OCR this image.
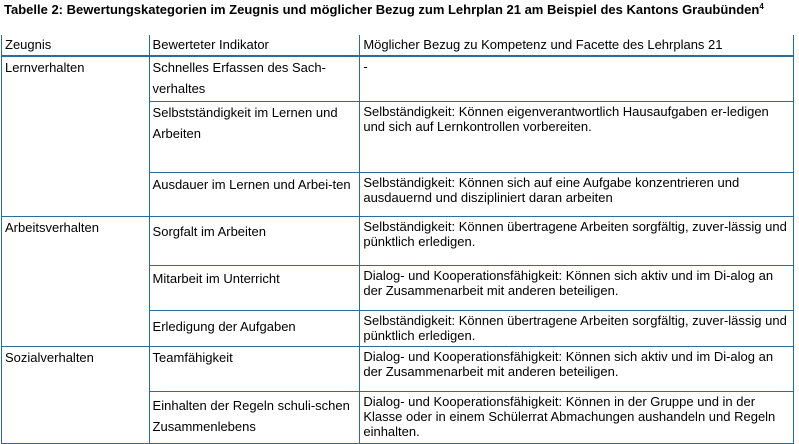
Tabelle 2: Bewertungskategorien im Zeugnis und möglicher Bezug zum Lehrplan 21 am Beispiel des Kantons Graubünden$^4$
Zeugnis	Bewerteter Indikator	Möglicher Bezug zu Kompetenz und Facette des Lehrplans 21
Lernverhalten	Schnelles Erfassen des Sach-verhaltes	-
	Selbstständigkeit im Lernen und Arbeiten	Selbständigkeit: Können eigenverantwortlich Hausaufgaben er-ledigen und sich auf Lernkontrollen vorbereiten.
	Ausdauer im Lernen und Arbei-ten	Selbständigkeit: Können sich auf eine Aufgabe konzentrieren und ausdauernd und diszipliniert daran arbeiten
Arbeitsverhalten	Sorgfalt im Arbeiten	Selbständigkeit: Können übertragene Arbeiten sorgfältig, zuver-lässig und pünktlich erledigen.
	Mitarbeit im Unterricht	Dialog- und Kooperationsfähigkeit: Können sich aktiv und im Di-alog an der Zusammenarbeit mit anderen beteiligen.
	Erledigung der Aufgaben	Selbständigkeit: Können übertragene Arbeiten sorgfältig, zuver-lässig und pünktlich erledigen.
Sozialverhalten	Teamfähigkeit	Dialog- und Kooperationsfähigkeit: Können sich aktiv und im Di-alog an der Zusammenarbeit mit anderen beteiligen.
	Einhalten der Regeln schuli-schen Zusammenlebens	Dialog- und Kooperationsfähigkeit: Können in der Gruppe und in der Klasse oder in einem Schülerrat Abmachungen aushandeln und Regeln einhalten.
